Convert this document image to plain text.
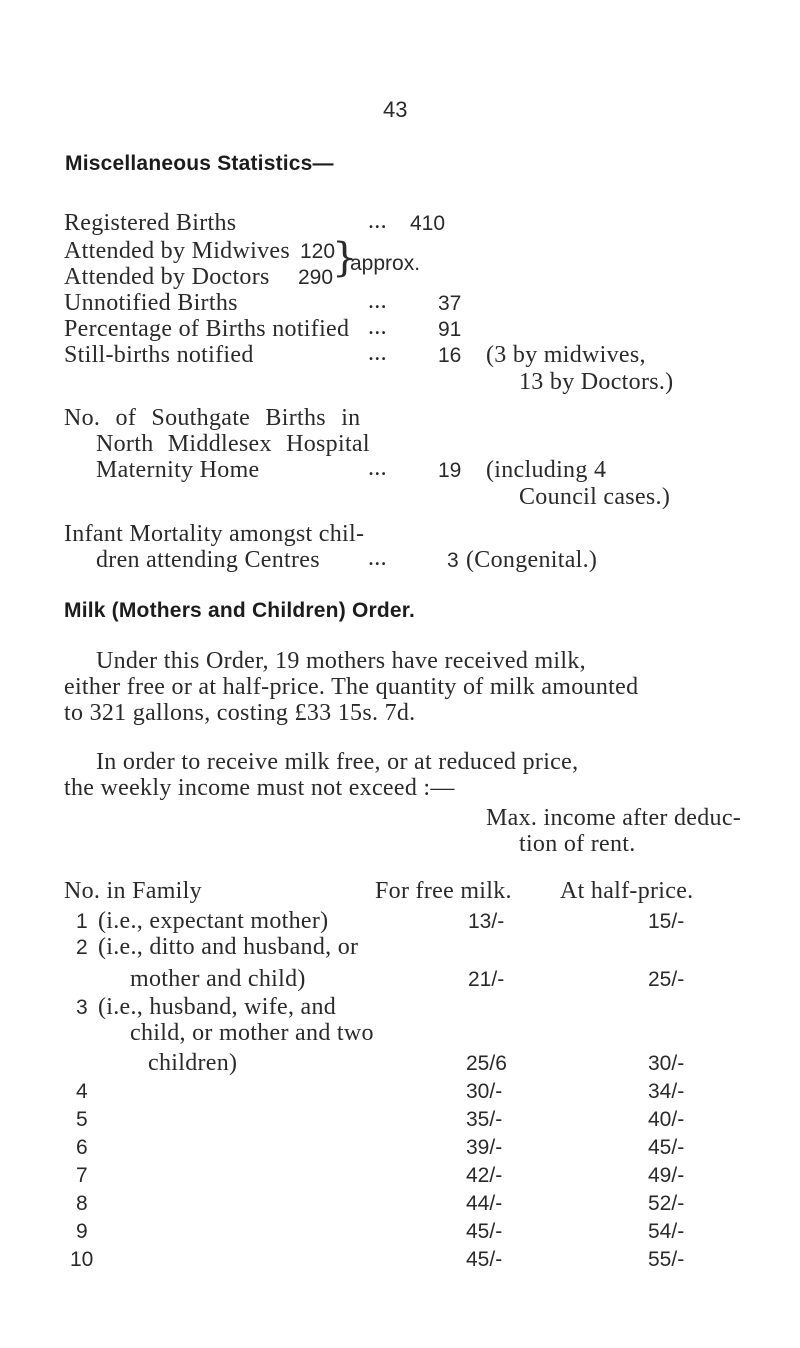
43
Miscellaneous Statistics—
Registered Births	... 410
Attended by Midwives 120
Attended by Doctors 290
}
approx.
Unnotified Births	... 37
Percentage of Births notified ... 91
Still-births notified	... 16 (3 by midwives,
13 by Doctors.)
No. of Southgate Births in
North Middlesex Hospital
Maternity Home	... 19 (including 4
Council cases.)
Infant Mortality amongst chil-
dren attending Centres ...	3 (Congenital.)
Milk (Mothers and Children) Order.
Under this Order, 19 mothers have received milk,
either free or at half-price. The quantity of milk amounted
to 321 gallons, costing £33 15s. 7d.
In order to receive milk free, or at reduced price,
the weekly income must not exceed :—
Max. income after deduc-
tion of rent.
No. in Family	For free milk. At half-price.
1 (i.e., expectant mother)	13/-	15/-
2 (i.e., ditto and husband, or
mother and child)	21/-	25/-
3 (i.e., husband, wife, and
child, or mother and two
children)	25/6	30/-
4	30/-	34/-
5	35/-	40/-
6	39/-	45/-
7	42/-	49/-
8	44/-	52/-
9	45/-	54/-
10	45/-	55/-
